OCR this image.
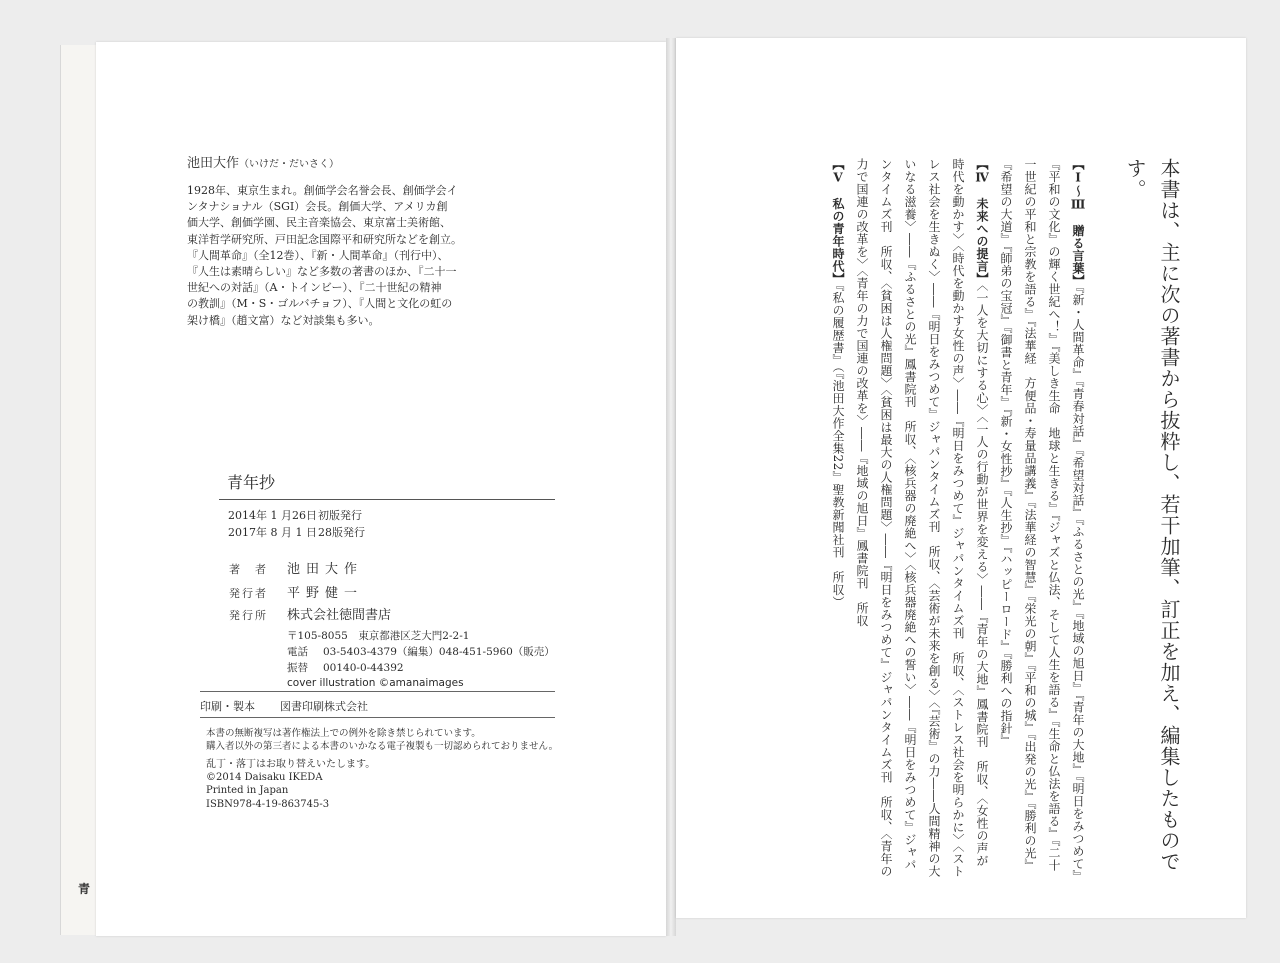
青
池田大作（いけだ・だいさく）

1928年、東京生まれ。創価学会名誉会長、創価学会イ

ンタナショナル（SGI）会長。創価大学、アメリカ創

価大学、創価学園、民主音楽協会、東京富士美術館、

東洋哲学研究所、戸田記念国際平和研究所などを創立。

『人間革命』（全12巻）、『新・人間革命』（刊行中）、

『人生は素晴らしい』など多数の著書のほか、『二十一

世紀への対話』（A・トインビー）、『二十世紀の精神

の教訓』（M・S・ゴルバチョフ）、『人間と文化の虹の

架け橋』（趙文富）など対談集も多い。

青年抄
2014年 1 月26日初版発行
2017年 8 月 1 日28版発行
著　者 池田大作
発行者 平野健一
発行所 株式会社徳間書店
〒105-8055　 東京都港区芝大門2-2-1
電話 03-5403-4379（編集）048-451-5960（販売）
振替 00140-0-44392
cover illustration ©amanaimages
印刷・製本 図書印刷株式会社

本書の無断複写は著作権法上での例外を除き禁じられています。

購入者以外の第三者による本書のいかなる電子複製も一切認められておりません。

乱丁・落丁はお取り替えいたします。

©2014 Daisaku IKEDA

Printed in Japan

ISBN978-4-19-863745-3	本書は、主に次の著書から抜粋し、若干加筆、訂正を加え、編集したものです。

【Ⅰ～Ⅲ　贈る言葉】『新・人間革命』『青春対話』『希望対話』『ふるさとの光』『地域の旭日』『青年の大地』『明日をみつめて』『平和の文化』の輝く世紀へ！』『美しき生命　地球と生きる』『ジャズと仏法、そして人生を語る』『生命と仏法を語る』『二十一世紀の平和と宗教を語る』『法華経　方便品・寿量品講義』『法華経の智慧』『栄光の朝』『平和の城』『出発の光』『勝利の光』『希望の大道』『師弟の宝冠』『御書と青年』『新・女性抄』『人生抄』『ハッピーロード』『勝利への指針』

【Ⅳ　未来への提言】〈一人を大切にする心〉〈一人の行動が世界を変える〉――『青年の大地』鳳書院刊　所収、〈女性の声が時代を動かす〉〈時代を動かす女性の声〉――『明日をみつめて』ジャパンタイムズ刊　所収、〈ストレス社会を明らかに〉〈ストレス社会を生きぬく〉――『明日をみつめて』ジャパンタイムズ刊　所収、〈芸術が未来を創る〉〈『芸術』の力――人間精神の大いなる滋養〉――『ふるさとの光』鳳書院刊　所収、〈核兵器の廃絶へ〉〈核兵器廃絶への誓い〉――『明日をみつめて』ジャパンタイムズ刊　所収、〈貧困は人権問題〉〈貧困は最大の人権問題〉――『明日をみつめて』ジャパンタイムズ刊　所収、〈青年の力で国連の改革を〉〈青年の力で国連の改革を〉――『地域の旭日』鳳書院刊　所収

【Ⅴ　私の青年時代】『私の履歴書』（『池田大作全集22』聖教新聞社刊　所収）
